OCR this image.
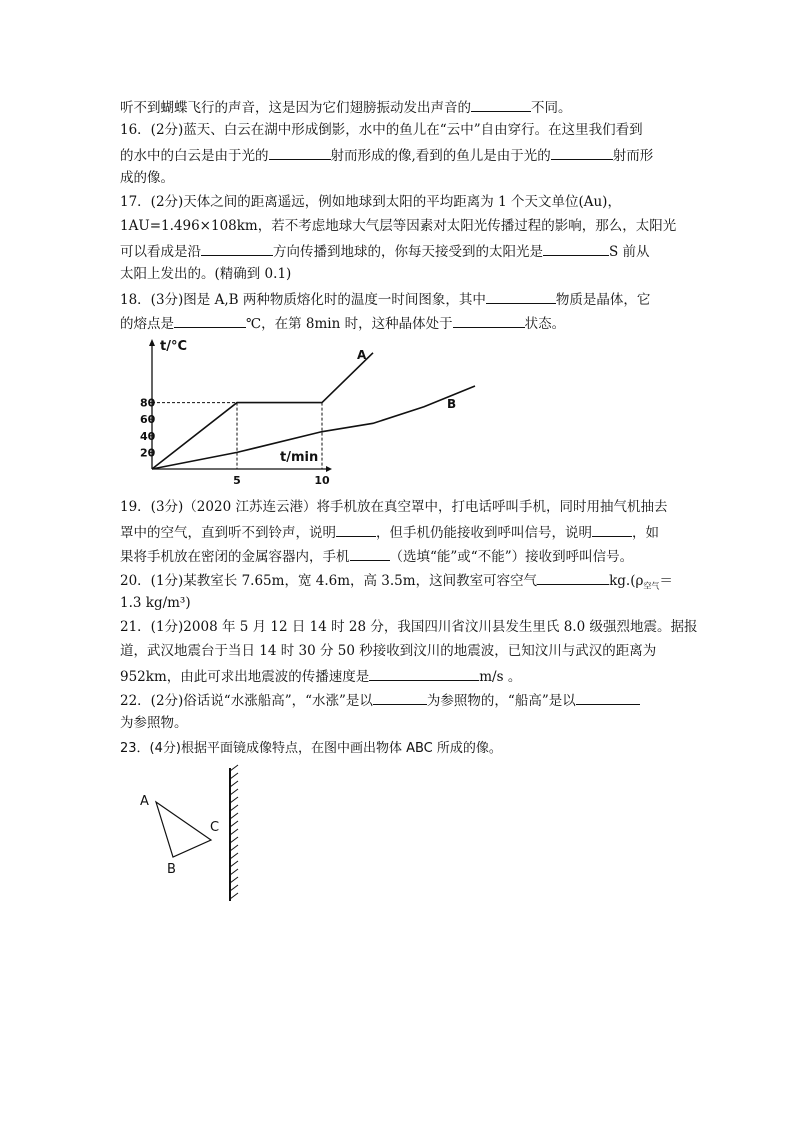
听不到蝴蝶飞行的声音，这是因为它们翅膀振动发出声音的	不同。
16．(2分)蓝天、白云在湖中形成倒影，水中的鱼儿在“云中”自由穿行。在这里我们看到
的水中的白云是由于光的	射而形成的像,看到的鱼儿是由于光的	射而形
成的像。
17．(2分)天体之间的距离遥远，例如地球到太阳的平均距离为 1 个天文单位(Au)，
1AU=1.496×108km，若不考虑地球大气层等因素对太阳光传播过程的影响，那么，太阳光
可以看成是沿	方向传播到地球的，你每天接受到的太阳光是	S 前从
太阳上发出的。(精确到 0.1)
18．(3分)图是 A,B 两种物质熔化时的温度一时间图象，其中	物质是晶体，它
的熔点是	℃，在第 8min 时，这种晶体处于	状态。
t/°C
t/min
20
40
60
80
5	10
A
B
19．(3分)（2020 江苏连云港）将手机放在真空罩中，打电话呼叫手机，同时用抽气机抽去
罩中的空气，直到听不到铃声，说明	，但手机仍能接收到呼叫信号，说明	，如
果将手机放在密闭的金属容器内，手机	（选填“能”或“不能”）接收到呼叫信号。
20．(1分)某教室长 7.65m，宽 4.6m，高 3.5m，这间教室可容空气	$kg.(\rho_{空气}=$
1.3 kg/m³)
21．(1分)2008 年 5 月 12 日 14 时 28 分，我国四川省汶川县发生里氏 8.0 级强烈地震。据报
道，武汉地震台于当日 14 时 30 分 50 秒接收到汶川的地震波，已知汶川与武汉的距离为
952km，由此可求出地震波的传播速度是	m/s 。
22．(2分)俗话说“水涨船高”，“水涨”是以	为参照物的，“船高”是以
为参照物。
23．(4分)根据平面镜成像特点，在图中画出物体 ABC 所成的像。
A
B
C
